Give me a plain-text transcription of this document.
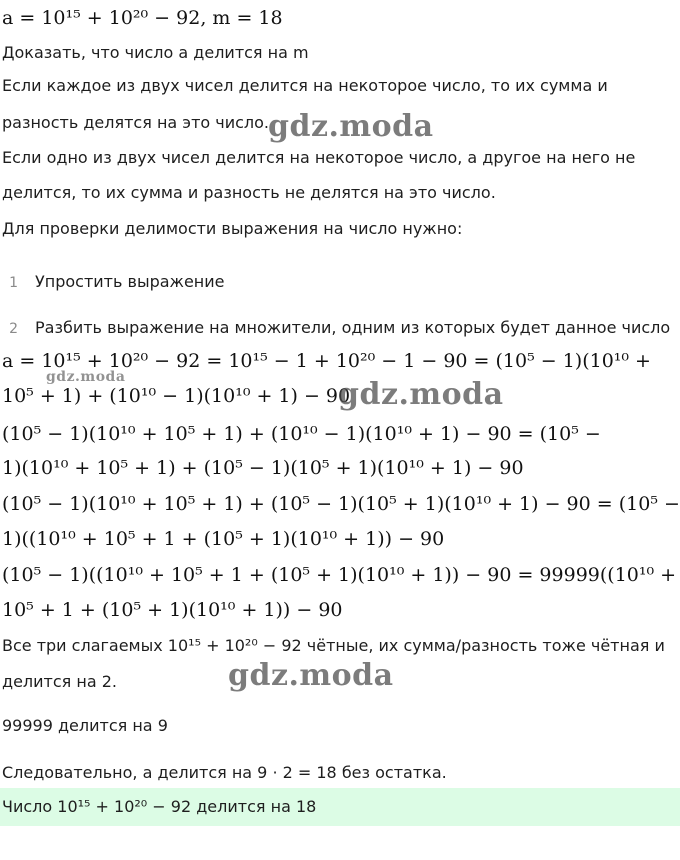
a = 10¹⁵ + 10²⁰ − 92, m = 18
Доказать, что число a делится на m
Если каждое из двух чисел делится на некоторое число, то их сумма и
разность делятся на это число.
Если одно из двух чисел делится на некоторое число, а другое на него не
делится, то их сумма и разность не делятся на это число.
Для проверки делимости выражения на число нужно:
1 Упростить выражение
2 Разбить выражение на множители, одним из которых будет данное число
a = 10¹⁵ + 10²⁰ − 92 = 10¹⁵ − 1 + 10²⁰ − 1 − 90 = (10⁵ − 1)(10¹⁰ +
10⁵ + 1) + (10¹⁰ − 1)(10¹⁰ + 1) − 90
(10⁵ − 1)(10¹⁰ + 10⁵ + 1) + (10¹⁰ − 1)(10¹⁰ + 1) − 90 = (10⁵ −
1)(10¹⁰ + 10⁵ + 1) + (10⁵ − 1)(10⁵ + 1)(10¹⁰ + 1) − 90
(10⁵ − 1)(10¹⁰ + 10⁵ + 1) + (10⁵ − 1)(10⁵ + 1)(10¹⁰ + 1) − 90 = (10⁵ −
1)((10¹⁰ + 10⁵ + 1 + (10⁵ + 1)(10¹⁰ + 1)) − 90
(10⁵ − 1)((10¹⁰ + 10⁵ + 1 + (10⁵ + 1)(10¹⁰ + 1)) − 90 = 99999((10¹⁰ +
10⁵ + 1 + (10⁵ + 1)(10¹⁰ + 1)) − 90
Все три слагаемых 10¹⁵ + 10²⁰ − 92 чётные, их сумма/разность тоже чётная и
делится на 2.
99999 делится на 9
Следовательно, a делится на 9 · 2 = 18 без остатка.
Число 10¹⁵ + 10²⁰ − 92 делится на 18
gdz.moda
gdz.moda	gdz.moda
gdz.moda
